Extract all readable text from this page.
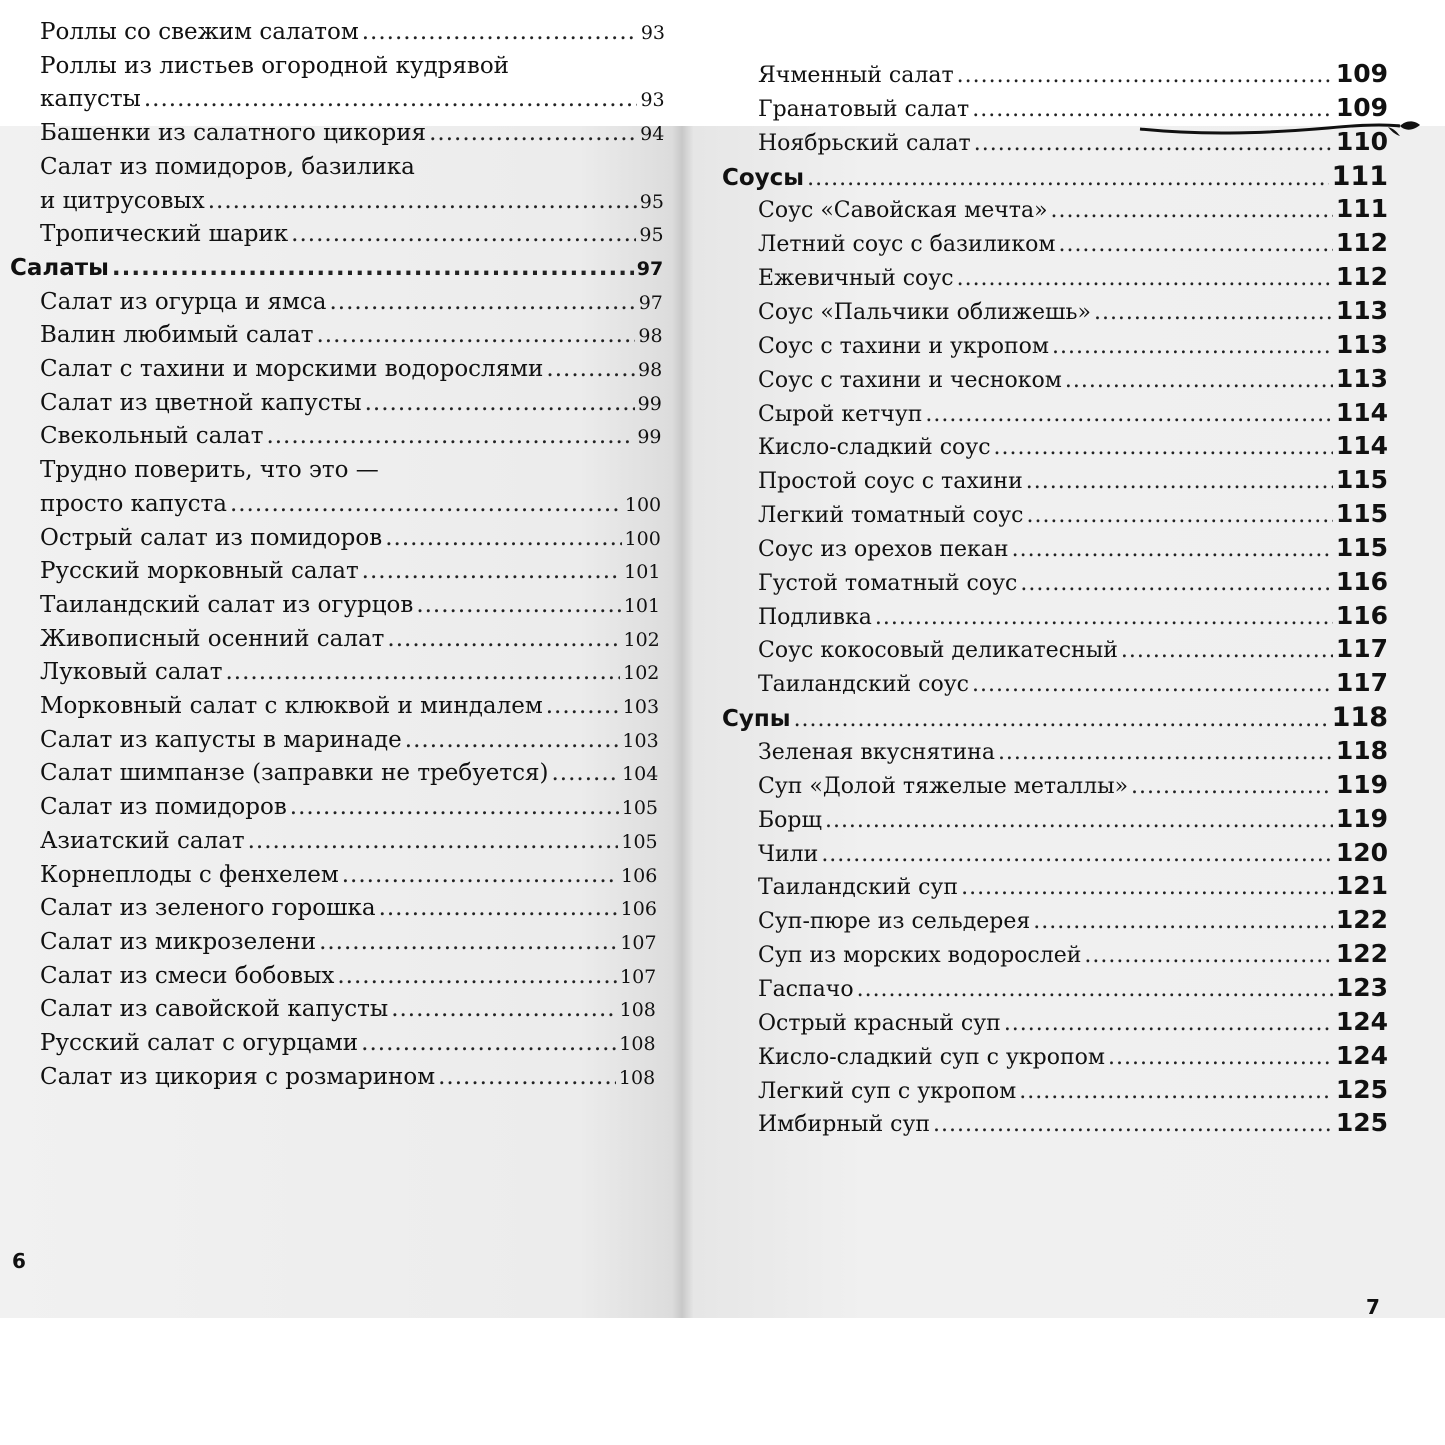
Роллы со свежим салатом .....	93
Роллы из листьев огородной кудрявой
капусты .....	93
Башенки из салатного цикория .....	94
Салат из помидоров, базилика
и цитрусовых .....	95
Тропический шарик .....	95
Салаты .....	97
Салат из огурца и ямса .....	97
Валин любимый салат .....	98
Салат с тахини и морскими водорослями .....	98
Салат из цветной капусты .....	99
Свекольный салат .....	99
Трудно поверить, что это —
просто капуста .....	100
Острый салат из помидоров .....	100
Русский морковный салат .....	101
Таиландский салат из огурцов .....	101
Живописный осенний салат .....	102
Луковый салат .....	102
Морковный салат с клюквой и миндалем .....	103
Салат из капусты в маринаде .....	103
Салат шимпанзе (заправки не требуется) .....	104
Салат из помидоров .....	105
Азиатский салат .....	105
Корнеплоды с фенхелем .....	106
Салат из зеленого горошка .....	106
Салат из микрозелени .....	107
Салат из смеси бобовых .....	107
Салат из савойской капусты .....	108
Русский салат с огурцами .....	108
Салат из цикория с розмарином .....	108
Ячменный салат .....	109
Гранатовый салат .....	109
Ноябрьский салат .....	110
Соусы .....	111
Соус «Савойская мечта» .....	111
Летний соус с базиликом .....	112
Ежевичный соус .....	112
Соус «Пальчики оближешь» .....	113
Соус с тахини и укропом .....	113
Соус с тахини и чесноком .....	113
Сырой кетчуп .....	114
Кисло-сладкий соус .....	114
Простой соус с тахини .....	115
Легкий томатный соус .....	115
Соус из орехов пекан .....	115
Густой томатный соус .....	116
Подливка .....	116
Соус кокосовый деликатесный .....	117
Таиландский соус .....	117
Супы .....	118
Зеленая вкуснятина .....	118
Суп «Долой тяжелые металлы» .....	119
Борщ .....	119
Чили .....	120
Таиландский суп .....	121
Суп-пюре из сельдерея .....	122
Суп из морских водорослей .....	122
Гаспачо .....	123
Острый красный суп .....	124
Кисло-сладкий суп с укропом .....	124
Легкий суп с укропом .....	125
Имбирный суп .....	125
6
7
